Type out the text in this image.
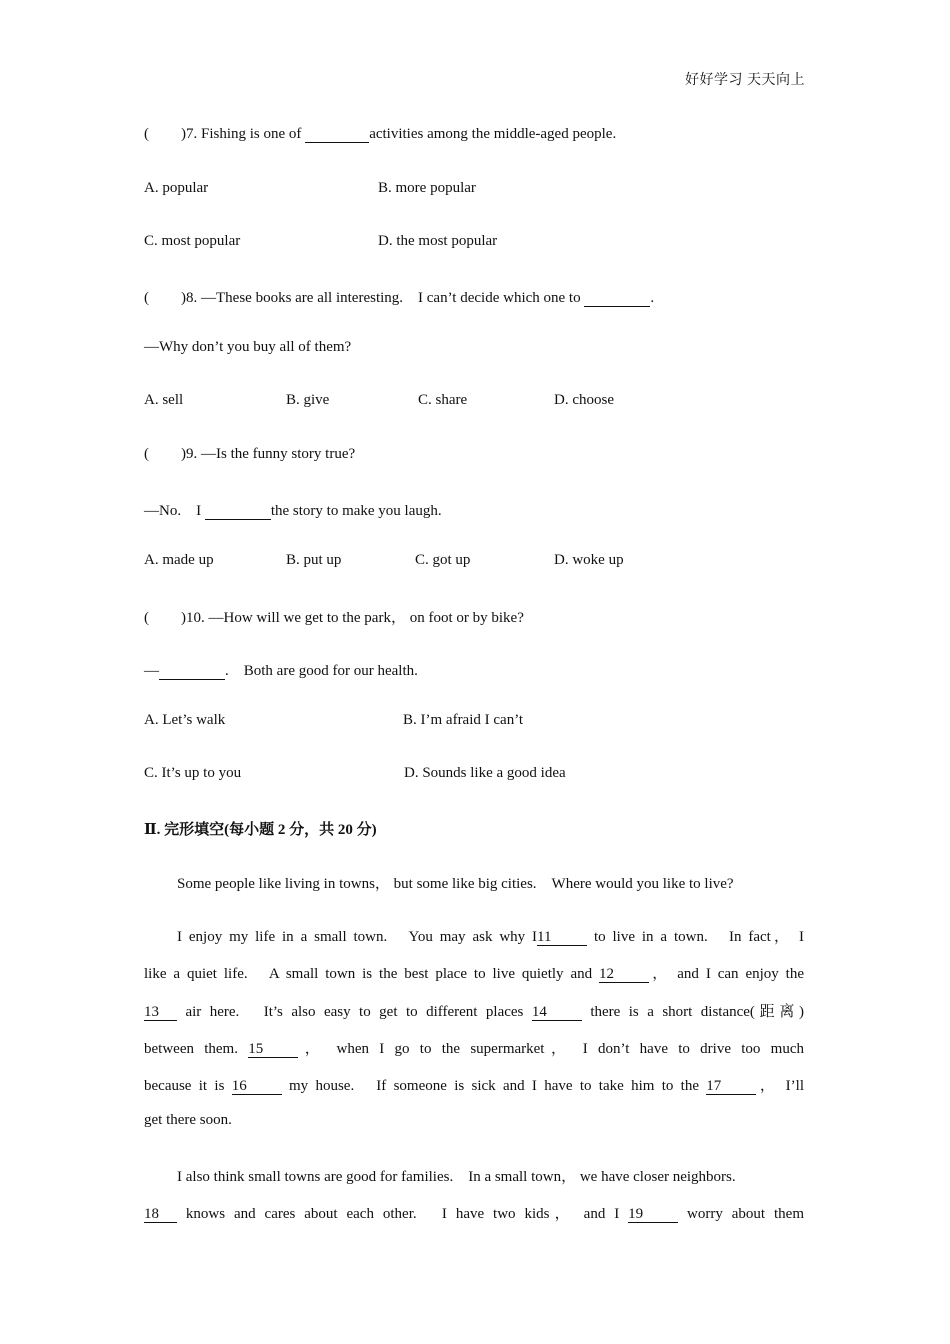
好好学习 天天向上
( )7. Fishing is one of	activities among the middle-aged people.
A. popular	B. more popular
C. most popular	D. the most popular
( )8. —These books are all interesting.　I can’t decide which one to	.
—Why don’t you buy all of them?
A. sell	B. give	C. share	D. choose
( )9. —Is the funny story true?
—No.　I	the story to make you laugh.
A. made up	B. put up	C. got up	D. woke up
( )10. —How will we get to the park， on foot or by bike?
—	.　Both are good for our health.
A. Let’s walk	B. I’m afraid I can’t
C. It’s up to you	D. Sounds like a good idea
Ⅱ. 完形填空(每小题 2 分，共 20 分)
Some people like living in towns， but some like big cities.　Where would you like to live?
I enjoy my life in a small town.　You may ask why I11	to live in a town.　In fact， I
like a quiet life.　A small town is the best place to live quietly and 12 ， and I can enjoy the
13 air here.　It’s also easy to get to different places 14	there is a short distance(距离)
between them. 15 ， when I go to the supermarket， I don’t have to drive too much
because it is 16	my house.　If someone is sick and I have to take him to the 17 ， I’ll
get there soon.
I also think small towns are good for families.　In a small town， we have closer neighbors.
18 knows and cares about each other.　I have two kids， and I 19	worry about them
